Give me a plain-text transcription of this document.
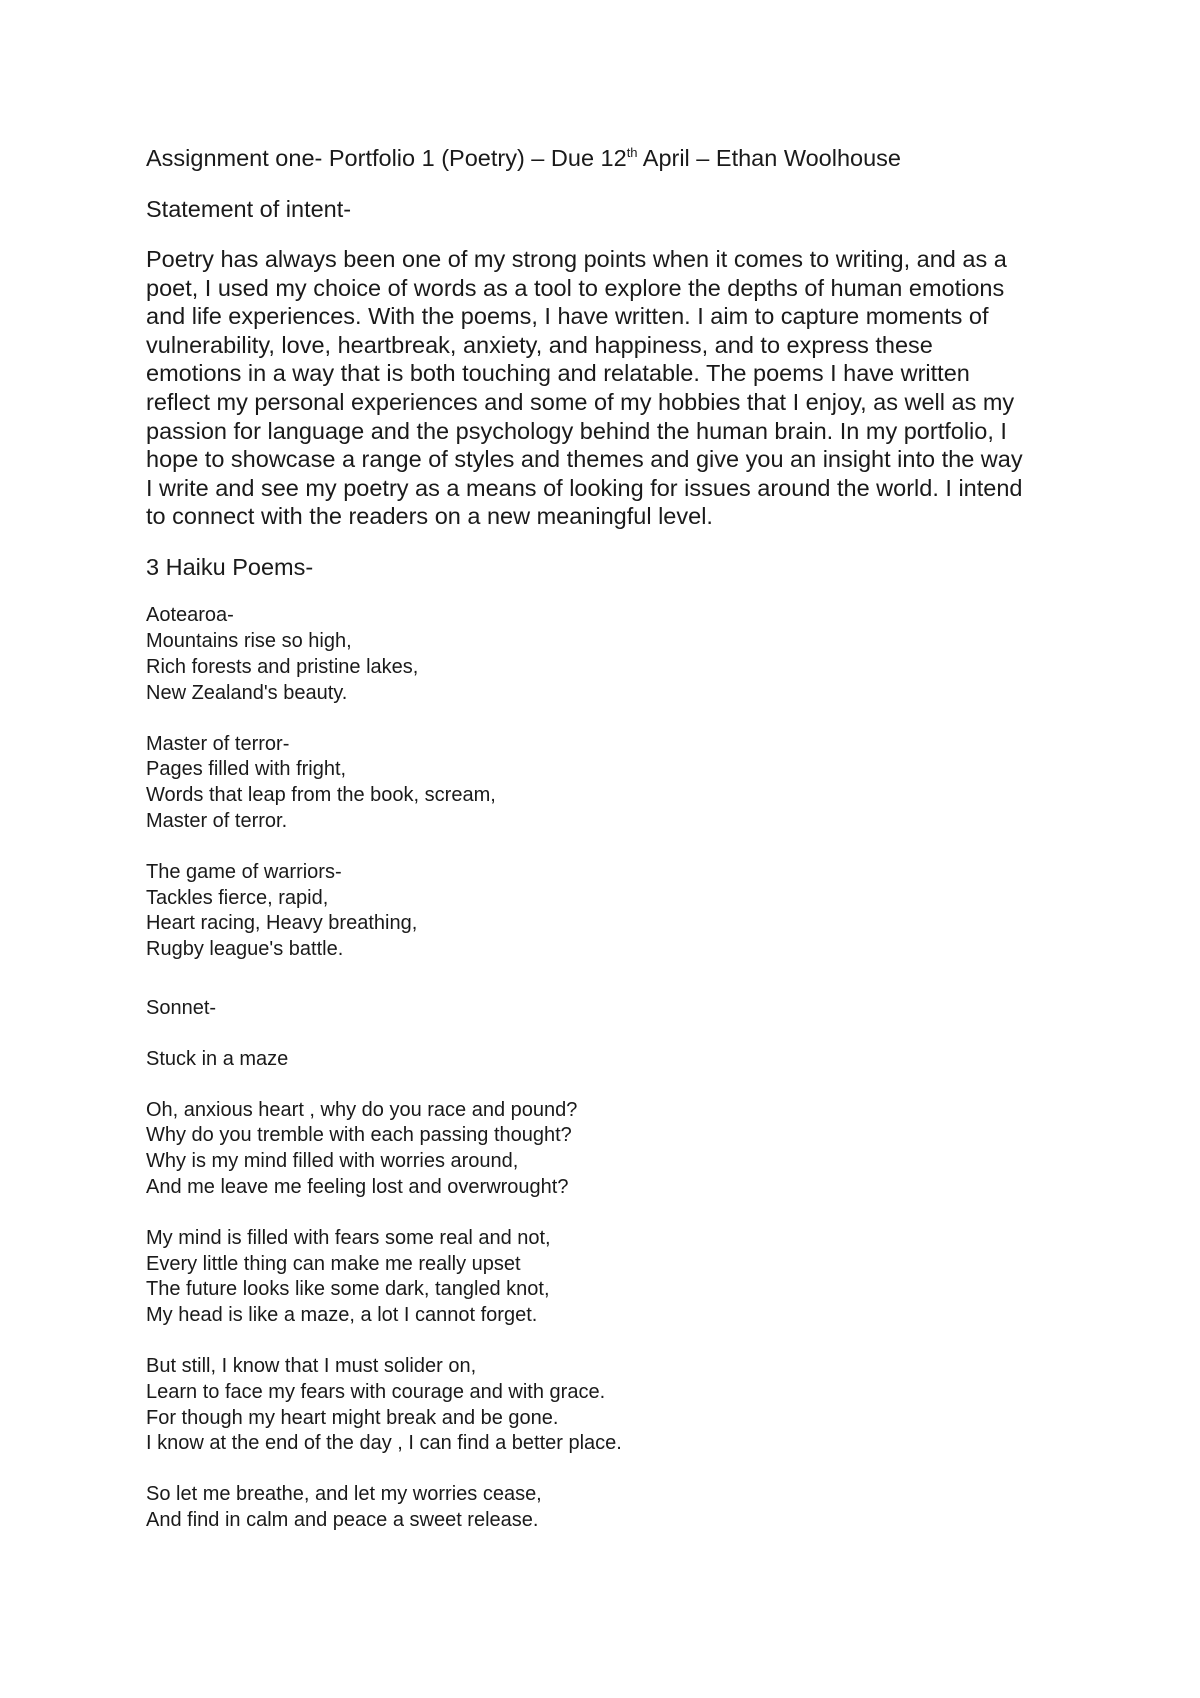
Assignment one- Portfolio 1 (Poetry) – Due 12th April – Ethan Woolhouse

Statement of intent-

Poetry has always been one of my strong points when it comes to writing, and as a
poet, I used my choice of words as a tool to explore the depths of human emotions
and life experiences. With the poems, I have written. I aim to capture moments of
vulnerability, love, heartbreak, anxiety, and happiness, and to express these
emotions in a way that is both touching and relatable. The poems I have written
reflect my personal experiences and some of my hobbies that I enjoy, as well as my
passion for language and the psychology behind the human brain. In my portfolio, I
hope to showcase a range of styles and themes and give you an insight into the way
I write and see my poetry as a means of looking for issues around the world. I intend
to connect with the readers on a new meaningful level.

3 Haiku Poems-

Aotearoa-
Mountains rise so high,
Rich forests and pristine lakes,
New Zealand's beauty.
Master of terror-
Pages filled with fright,
Words that leap from the book, scream,
Master of terror.
The game of warriors-
Tackles fierce, rapid,
Heart racing, Heavy breathing,
Rugby league's battle.

Sonnet-

Stuck in a maze

Oh, anxious heart , why do you race and pound?
Why do you tremble with each passing thought?
Why is my mind filled with worries around,
And me leave me feeling lost and overwrought?
My mind is filled with fears some real and not,
Every little thing can make me really upset
The future looks like some dark, tangled knot,
My head is like a maze, a lot I cannot forget.
But still, I know that I must solider on,
Learn to face my fears with courage and with grace.
For though my heart might break and be gone.
I know at the end of the day , I can find a better place.
So let me breathe, and let my worries cease,
And find in calm and peace a sweet release.
